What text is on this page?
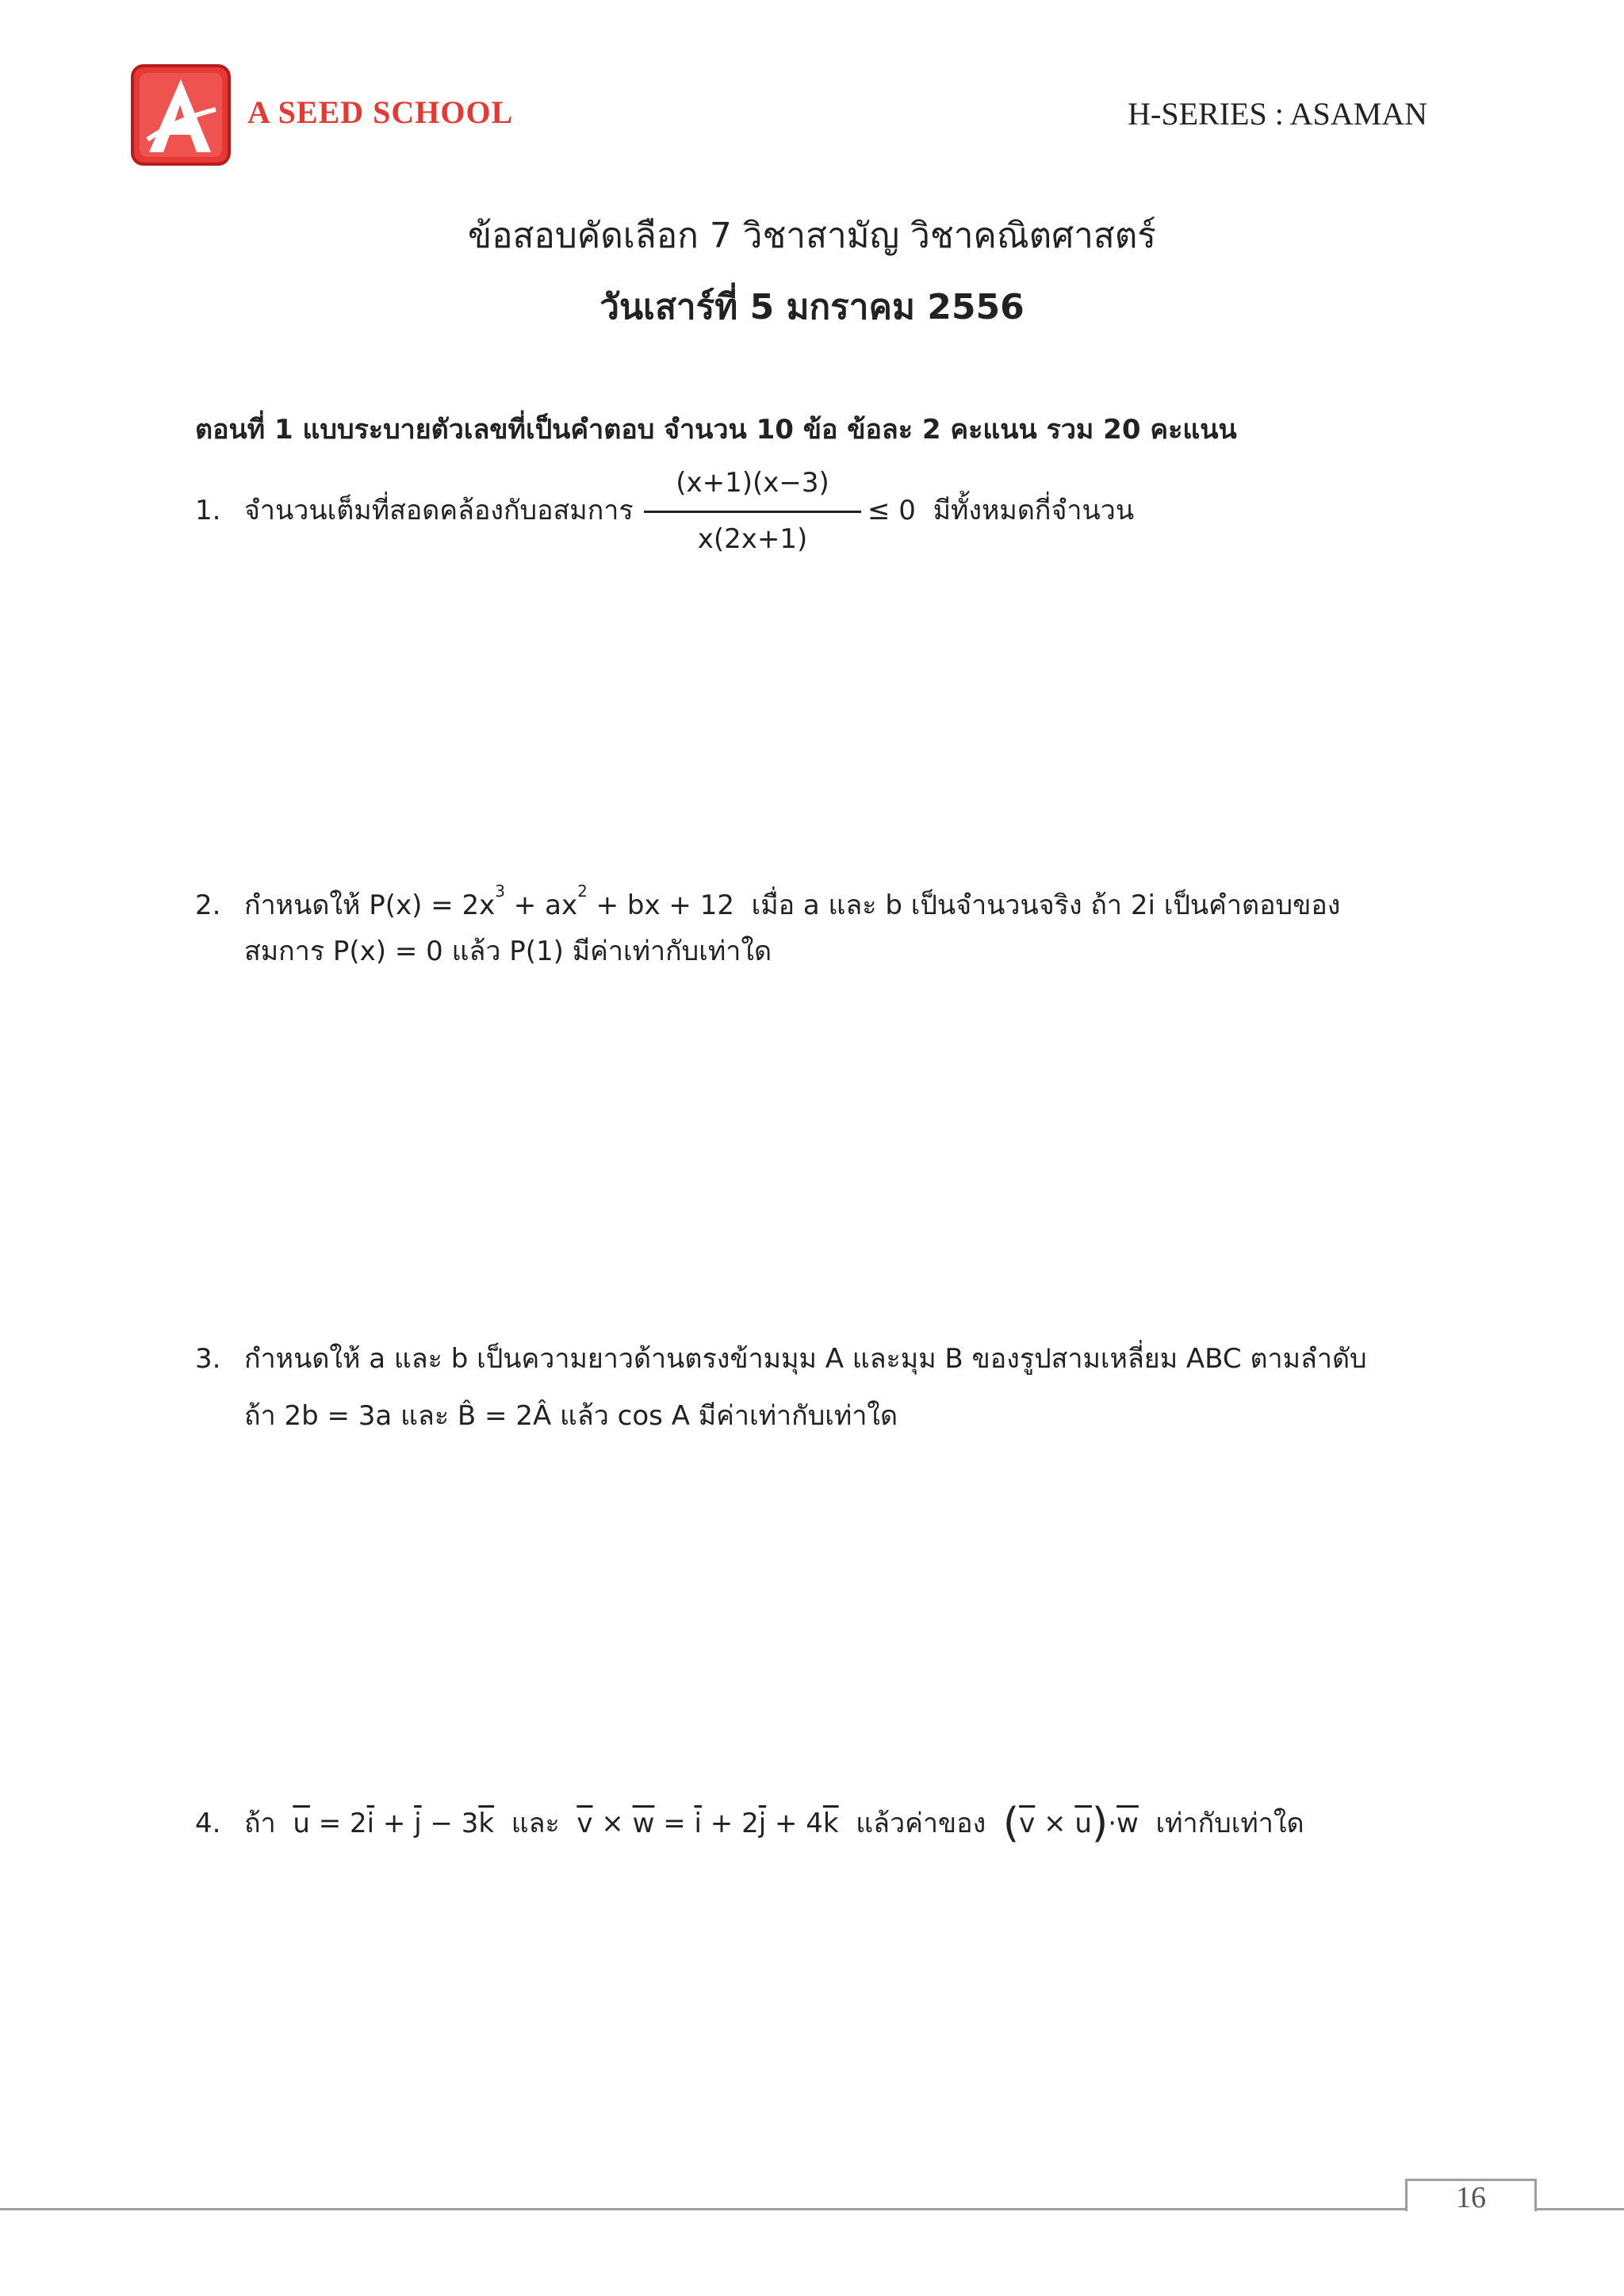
A SEED SCHOOL	H-SERIES : ASAMAN
ข้อสอบคัดเลือก 7 วิชาสามัญ วิชาคณิตศาสตร์
วันเสาร์ที่ 5 มกราคม 2556
ตอนที่ 1 แบบระบายตัวเลขที่เป็นคำตอบ จำนวน 10 ข้อ ข้อละ 2 คะแนน รวม 20 คะแนน
1. จำนวนเต็มที่สอดคล้องกับอสมการ
(x+1)(x−3)
x(2x+1)
≤ 0 มีทั้งหมดกี่จำนวน
2. กำหนดให้ $P(x) = 2x^3 + ax^2$ + bx + 12 เมื่อ a และ b เป็นจำนวนจริง ถ้า 2i เป็นคำตอบของ
สมการ P(x) = 0 แล้ว P(1) มีค่าเท่ากับเท่าใด
3. กำหนดให้ a และ b เป็นความยาวด้านตรงข้ามมุม A และมุม B ของรูปสามเหลี่ยม ABC ตามลำดับ
ถ้า 2b = 3a และ B̂ = 2Â แล้ว cos A มีค่าเท่ากับเท่าใด
4. ถ้า $\overline{u} = 2\overline{i} + \overline{j} - 3\overline{k}$ และ $\overline{v} \times \overline{w} = \overline{i} + 2\overline{j} + 4\overline{k}$ แล้วค่าของ $(\overline{v} \times \overline{u})\cdot\overline{w}$ เท่ากับเท่าใด
16
